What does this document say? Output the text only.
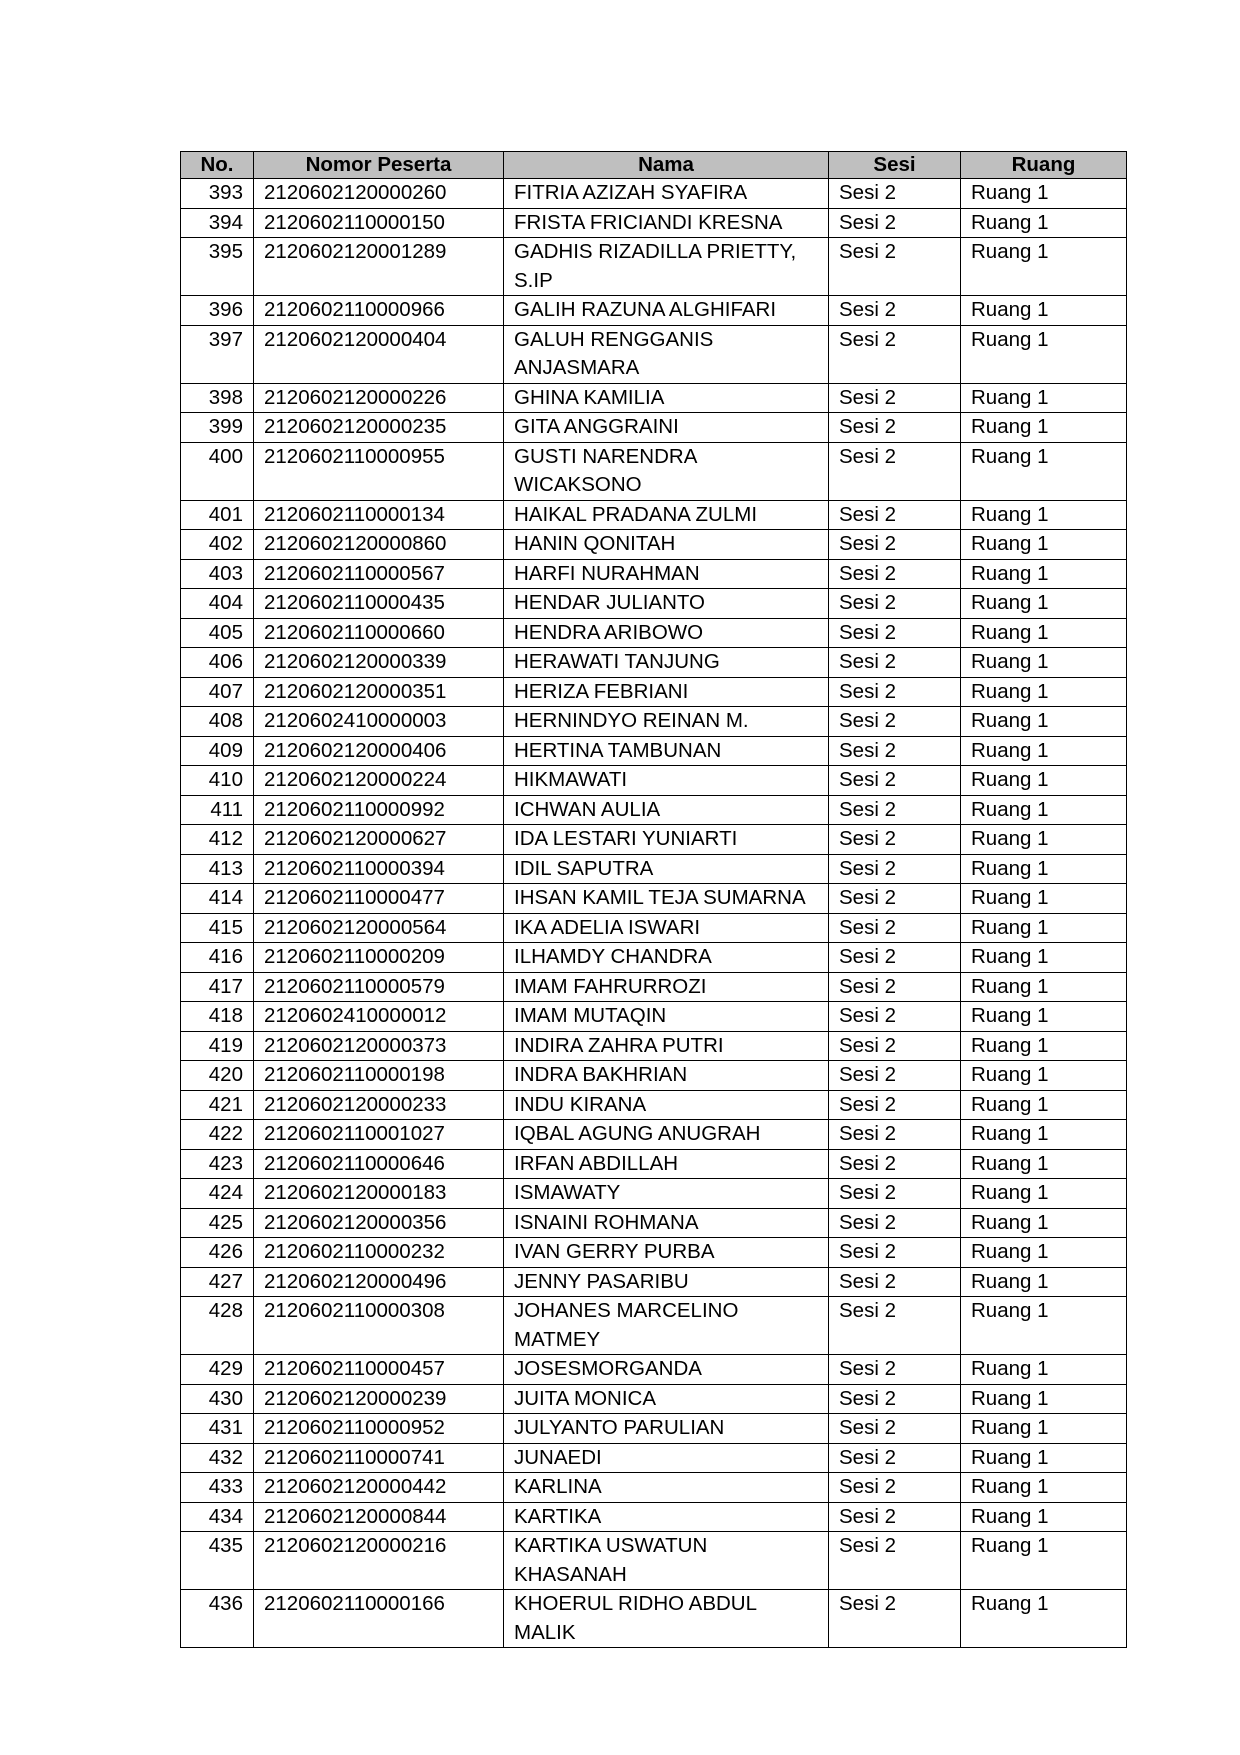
No.	Nomor Peserta	Nama	Sesi	Ruang
393	2120602120000260	FITRIA AZIZAH SYAFIRA	Sesi 2	Ruang 1
394	2120602110000150	FRISTA FRICIANDI KRESNA	Sesi 2	Ruang 1
395	2120602120001289	GADHIS RIZADILLA PRIETTY, S.IP	Sesi 2	Ruang 1
396	2120602110000966	GALIH RAZUNA ALGHIFARI	Sesi 2	Ruang 1
397	2120602120000404	GALUH RENGGANIS ANJASMARA	Sesi 2	Ruang 1
398	2120602120000226	GHINA KAMILIA	Sesi 2	Ruang 1
399	2120602120000235	GITA ANGGRAINI	Sesi 2	Ruang 1
400	2120602110000955	GUSTI NARENDRA WICAKSONO	Sesi 2	Ruang 1
401	2120602110000134	HAIKAL PRADANA ZULMI	Sesi 2	Ruang 1
402	2120602120000860	HANIN QONITAH	Sesi 2	Ruang 1
403	2120602110000567	HARFI NURAHMAN	Sesi 2	Ruang 1
404	2120602110000435	HENDAR JULIANTO	Sesi 2	Ruang 1
405	2120602110000660	HENDRA ARIBOWO	Sesi 2	Ruang 1
406	2120602120000339	HERAWATI TANJUNG	Sesi 2	Ruang 1
407	2120602120000351	HERIZA FEBRIANI	Sesi 2	Ruang 1
408	2120602410000003	HERNINDYO REINAN M.	Sesi 2	Ruang 1
409	2120602120000406	HERTINA TAMBUNAN	Sesi 2	Ruang 1
410	2120602120000224	HIKMAWATI	Sesi 2	Ruang 1
411	2120602110000992	ICHWAN AULIA	Sesi 2	Ruang 1
412	2120602120000627	IDA LESTARI YUNIARTI	Sesi 2	Ruang 1
413	2120602110000394	IDIL SAPUTRA	Sesi 2	Ruang 1
414	2120602110000477	IHSAN KAMIL TEJA SUMARNA	Sesi 2	Ruang 1
415	2120602120000564	IKA ADELIA ISWARI	Sesi 2	Ruang 1
416	2120602110000209	ILHAMDY CHANDRA	Sesi 2	Ruang 1
417	2120602110000579	IMAM FAHRURROZI	Sesi 2	Ruang 1
418	2120602410000012	IMAM MUTAQIN	Sesi 2	Ruang 1
419	2120602120000373	INDIRA ZAHRA PUTRI	Sesi 2	Ruang 1
420	2120602110000198	INDRA BAKHRIAN	Sesi 2	Ruang 1
421	2120602120000233	INDU KIRANA	Sesi 2	Ruang 1
422	2120602110001027	IQBAL AGUNG ANUGRAH	Sesi 2	Ruang 1
423	2120602110000646	IRFAN ABDILLAH	Sesi 2	Ruang 1
424	2120602120000183	ISMAWATY	Sesi 2	Ruang 1
425	2120602120000356	ISNAINI ROHMANA	Sesi 2	Ruang 1
426	2120602110000232	IVAN GERRY PURBA	Sesi 2	Ruang 1
427	2120602120000496	JENNY PASARIBU	Sesi 2	Ruang 1
428	2120602110000308	JOHANES MARCELINO MATMEY	Sesi 2	Ruang 1
429	2120602110000457	JOSESMORGANDA	Sesi 2	Ruang 1
430	2120602120000239	JUITA MONICA	Sesi 2	Ruang 1
431	2120602110000952	JULYANTO PARULIAN	Sesi 2	Ruang 1
432	2120602110000741	JUNAEDI	Sesi 2	Ruang 1
433	2120602120000442	KARLINA	Sesi 2	Ruang 1
434	2120602120000844	KARTIKA	Sesi 2	Ruang 1
435	2120602120000216	KARTIKA USWATUN KHASANAH	Sesi 2	Ruang 1
436	2120602110000166	KHOERUL RIDHO ABDUL MALIK	Sesi 2	Ruang 1
